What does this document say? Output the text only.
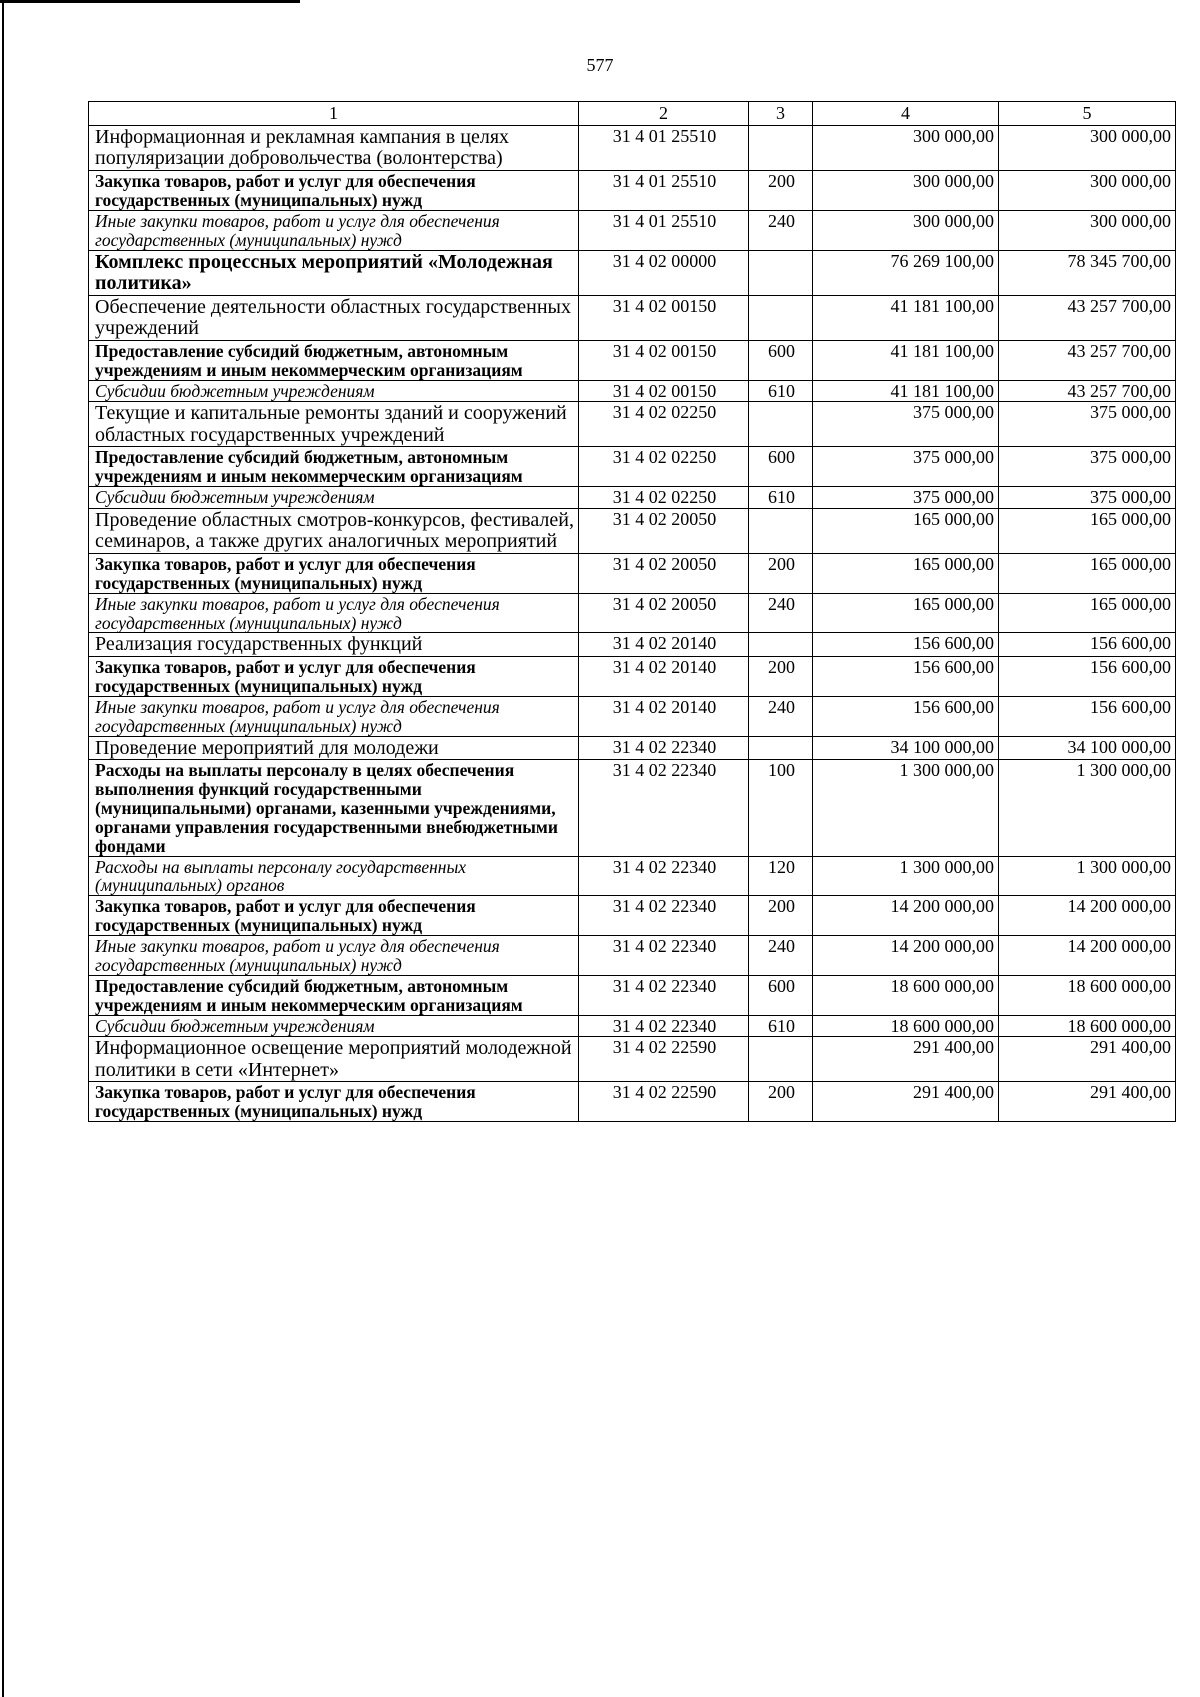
577
1	2	3	4	5
Информационная и рекламная кампания в целях популяризации добровольчества (волонтерства)	31 4 01 25510		300 000,00	300 000,00
Закупка товаров, работ и услуг для обеспечения государственных (муниципальных) нужд	31 4 01 25510	200	300 000,00	300 000,00
Иные закупки товаров, работ и услуг для обеспечения государственных (муниципальных) нужд	31 4 01 25510	240	300 000,00	300 000,00
Комплекс процессных мероприятий «Молодежная политика»	31 4 02 00000		76 269 100,00	78 345 700,00
Обеспечение деятельности областных государственных учреждений	31 4 02 00150		41 181 100,00	43 257 700,00
Предоставление субсидий бюджетным, автономным учреждениям и иным некоммерческим организациям	31 4 02 00150	600	41 181 100,00	43 257 700,00
Субсидии бюджетным учреждениям	31 4 02 00150	610	41 181 100,00	43 257 700,00
Текущие и капитальные ремонты зданий и сооружений областных государственных учреждений	31 4 02 02250		375 000,00	375 000,00
Предоставление субсидий бюджетным, автономным учреждениям и иным некоммерческим организациям	31 4 02 02250	600	375 000,00	375 000,00
Субсидии бюджетным учреждениям	31 4 02 02250	610	375 000,00	375 000,00
Проведение областных смотров-конкурсов, фестивалей, семинаров, а также других аналогичных мероприятий	31 4 02 20050		165 000,00	165 000,00
Закупка товаров, работ и услуг для обеспечения государственных (муниципальных) нужд	31 4 02 20050	200	165 000,00	165 000,00
Иные закупки товаров, работ и услуг для обеспечения государственных (муниципальных) нужд	31 4 02 20050	240	165 000,00	165 000,00
Реализация государственных функций	31 4 02 20140		156 600,00	156 600,00
Закупка товаров, работ и услуг для обеспечения государственных (муниципальных) нужд	31 4 02 20140	200	156 600,00	156 600,00
Иные закупки товаров, работ и услуг для обеспечения государственных (муниципальных) нужд	31 4 02 20140	240	156 600,00	156 600,00
Проведение мероприятий для молодежи	31 4 02 22340		34 100 000,00	34 100 000,00
Расходы на выплаты персоналу в целях обеспечения выполнения функций государственными (муниципальными) органами, казенными учреждениями, органами управления государственными внебюджетными фондами	31 4 02 22340	100	1 300 000,00	1 300 000,00
Расходы на выплаты персоналу государственных (муниципальных) органов	31 4 02 22340	120	1 300 000,00	1 300 000,00
Закупка товаров, работ и услуг для обеспечения государственных (муниципальных) нужд	31 4 02 22340	200	14 200 000,00	14 200 000,00
Иные закупки товаров, работ и услуг для обеспечения государственных (муниципальных) нужд	31 4 02 22340	240	14 200 000,00	14 200 000,00
Предоставление субсидий бюджетным, автономным учреждениям и иным некоммерческим организациям	31 4 02 22340	600	18 600 000,00	18 600 000,00
Субсидии бюджетным учреждениям	31 4 02 22340	610	18 600 000,00	18 600 000,00
Информационное освещение мероприятий молодежной политики в сети «Интернет»	31 4 02 22590		291 400,00	291 400,00
Закупка товаров, работ и услуг для обеспечения государственных (муниципальных) нужд	31 4 02 22590	200	291 400,00	291 400,00
